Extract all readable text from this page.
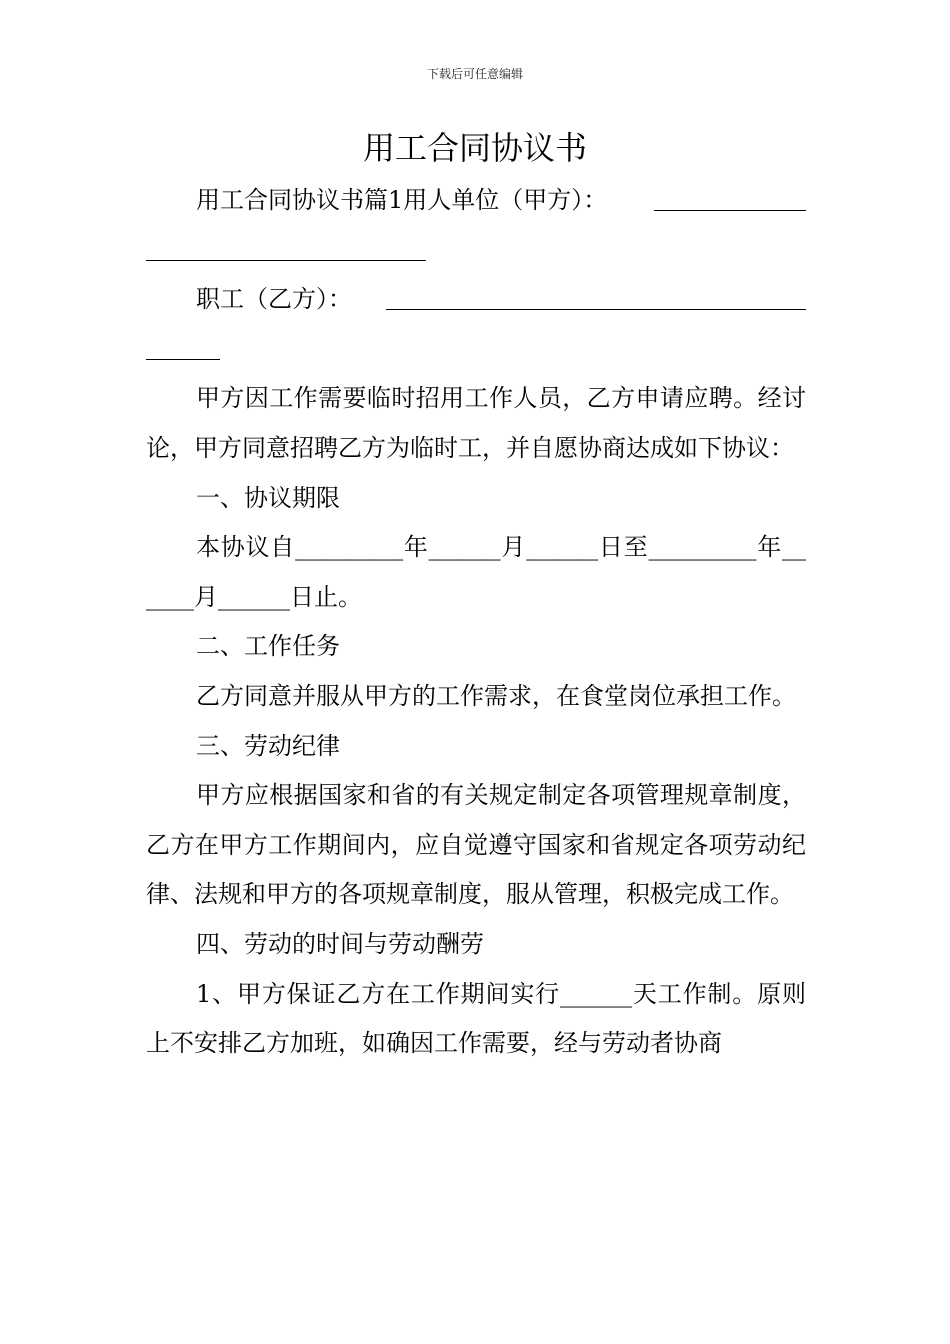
下载后可任意编辑
用工合同协议书
用工合同协议书篇1用人单位（甲方）：
职工（乙方）：

甲方因工作需要临时招用工作人员，乙方申请应聘。经讨论，甲方同意招聘乙方为临时工，并自愿协商达成如下协议：

一、协议期限

本协议自_________年______月______日至_________年______月______日止。

二、工作任务

乙方同意并服从甲方的工作需求，在食堂岗位承担工作。

三、劳动纪律

甲方应根据国家和省的有关规定制定各项管理规章制度，乙方在甲方工作期间内，应自觉遵守国家和省规定各项劳动纪律、法规和甲方的各项规章制度，服从管理，积极完成工作。

四、劳动的时间与劳动酬劳

1、甲方保证乙方在工作期间实行______天工作制。原则上不安排乙方加班，如确因工作需要，经与劳动者协商
